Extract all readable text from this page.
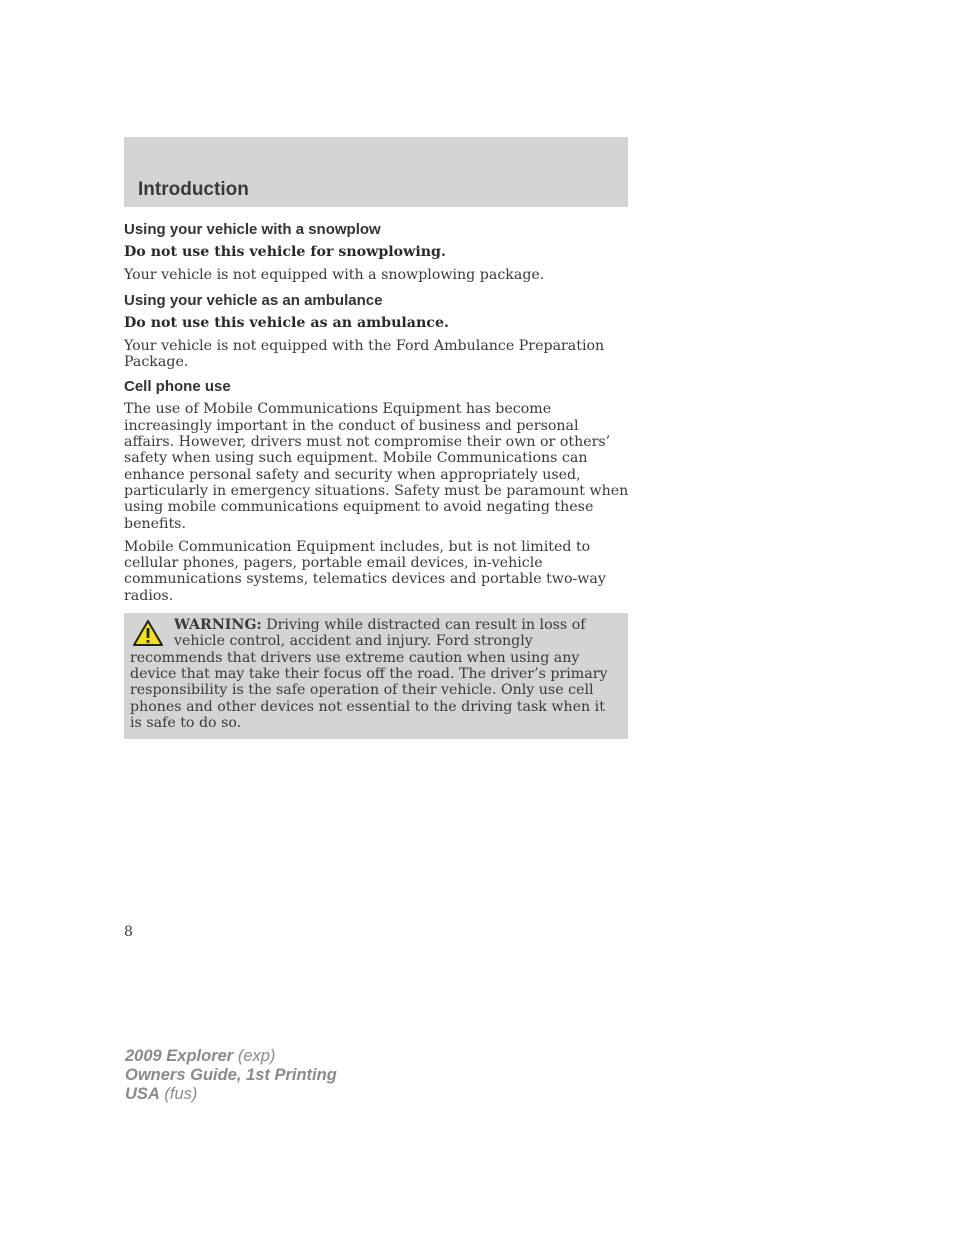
Introduction
Using your vehicle with a snowplow

Do not use this vehicle for snowplowing.

Your vehicle is not equipped with a snowplowing package.

Using your vehicle as an ambulance

Do not use this vehicle as an ambulance.

Your vehicle is not equipped with the Ford Ambulance Preparation Package.

Cell phone use

The use of Mobile Communications Equipment has become increasingly important in the conduct of business and personal affairs. However, drivers must not compromise their own or others’ safety when using such equipment. Mobile Communications can enhance personal safety and security when appropriately used, particularly in emergency situations. Safety must be paramount when using mobile communications equipment to avoid negating these benefits.

Mobile Communication Equipment includes, but is not limited to cellular phones, pagers, portable email devices, in-vehicle communications systems, telematics devices and portable two-way radios.

WARNING: Driving while distracted can result in loss of vehicle control, accident and injury. Ford strongly recommends that drivers use extreme caution when using any device that may take their focus off the road. The driver’s primary responsibility is the safe operation of their vehicle. Only use cell phones and other devices not essential to the driving task when it is safe to do so.
8
2009 Explorer (exp)
Owners Guide, 1st Printing
USA (fus)
